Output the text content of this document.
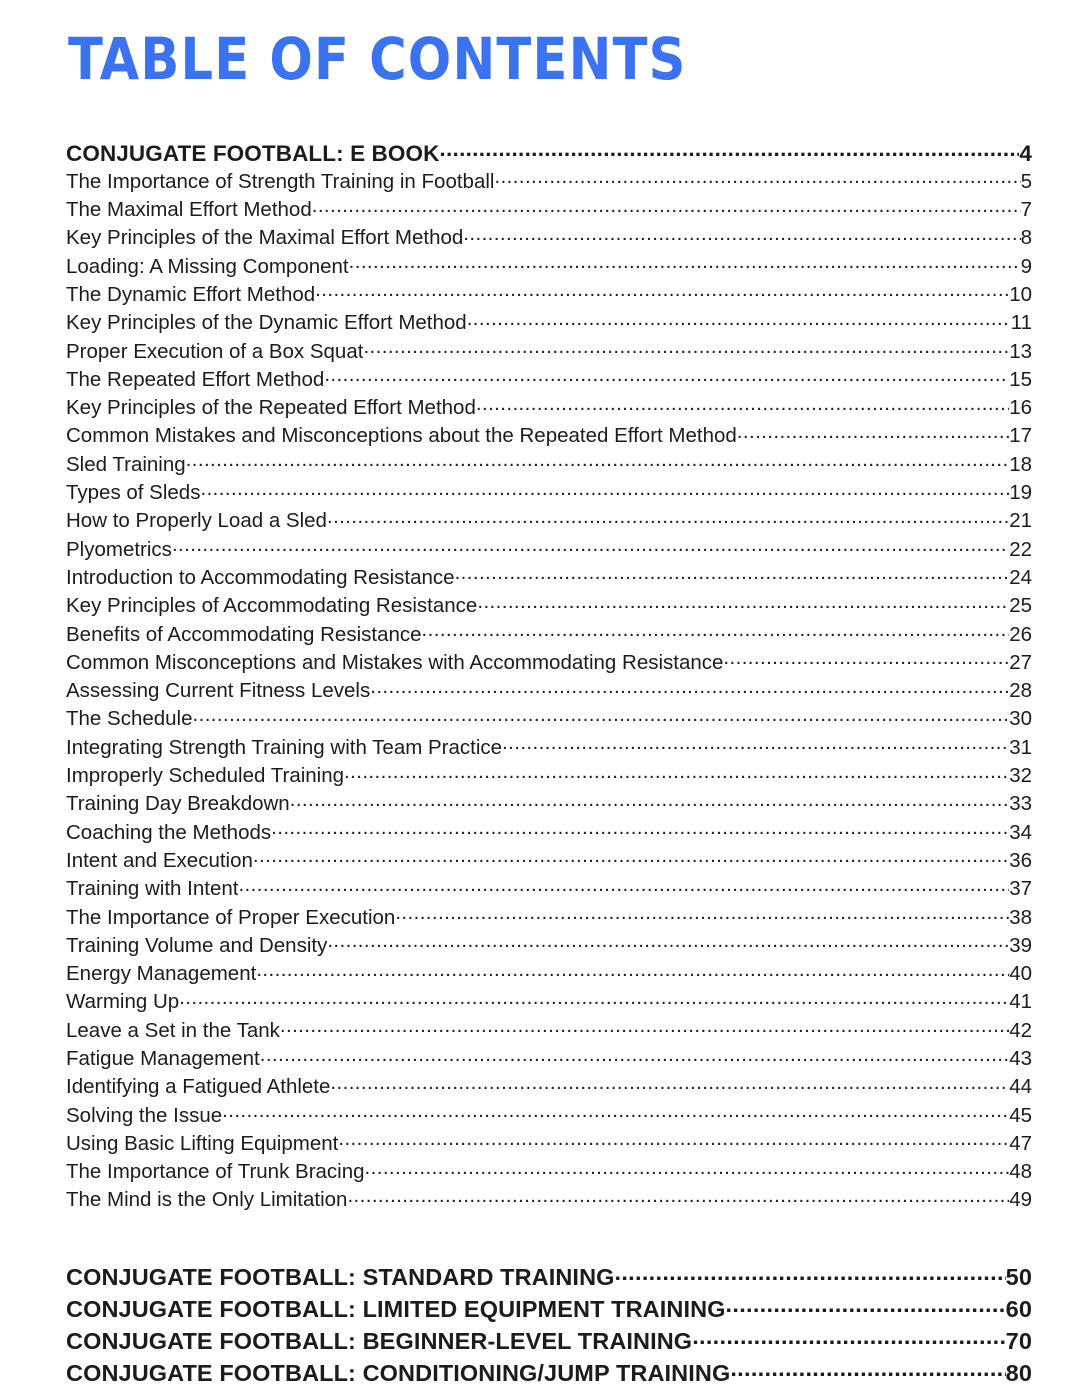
TABLE OF CONTENTS
CONJUGATE FOOTBALL: E BOOK .....	4
The Importance of Strength Training in Football .....	5
The Maximal Effort Method .....	7
Key Principles of the Maximal Effort Method .....	8
Loading: A Missing Component .....	9
The Dynamic Effort Method .....	10
Key Principles of the Dynamic Effort Method .....	11
Proper Execution of a Box Squat .....	13
The Repeated Effort Method .....	15
Key Principles of the Repeated Effort Method .....	16
Common Mistakes and Misconceptions about the Repeated Effort Method .....	17
Sled Training .....	18
Types of Sleds .....	19
How to Properly Load a Sled .....	21
Plyometrics .....	22
Introduction to Accommodating Resistance .....	24
Key Principles of Accommodating Resistance .....	25
Benefits of Accommodating Resistance .....	26
Common Misconceptions and Mistakes with Accommodating Resistance .....	27
Assessing Current Fitness Levels .....	28
The Schedule .....	30
Integrating Strength Training with Team Practice .....	31
Improperly Scheduled Training .....	32
Training Day Breakdown .....	33
Coaching the Methods .....	34
Intent and Execution .....	36
Training with Intent .....	37
The Importance of Proper Execution .....	38
Training Volume and Density .....	39
Energy Management .....	40
Warming Up .....	41
Leave a Set in the Tank .....	42
Fatigue Management .....	43
Identifying a Fatigued Athlete .....	44
Solving the Issue .....	45
Using Basic Lifting Equipment .....	47
The Importance of Trunk Bracing .....	48
The Mind is the Only Limitation .....	49
CONJUGATE FOOTBALL: STANDARD TRAINING .....	50
CONJUGATE FOOTBALL: LIMITED EQUIPMENT TRAINING .....	60
CONJUGATE FOOTBALL: BEGINNER-LEVEL TRAINING .....	70
CONJUGATE FOOTBALL: CONDITIONING/JUMP TRAINING .....	80
